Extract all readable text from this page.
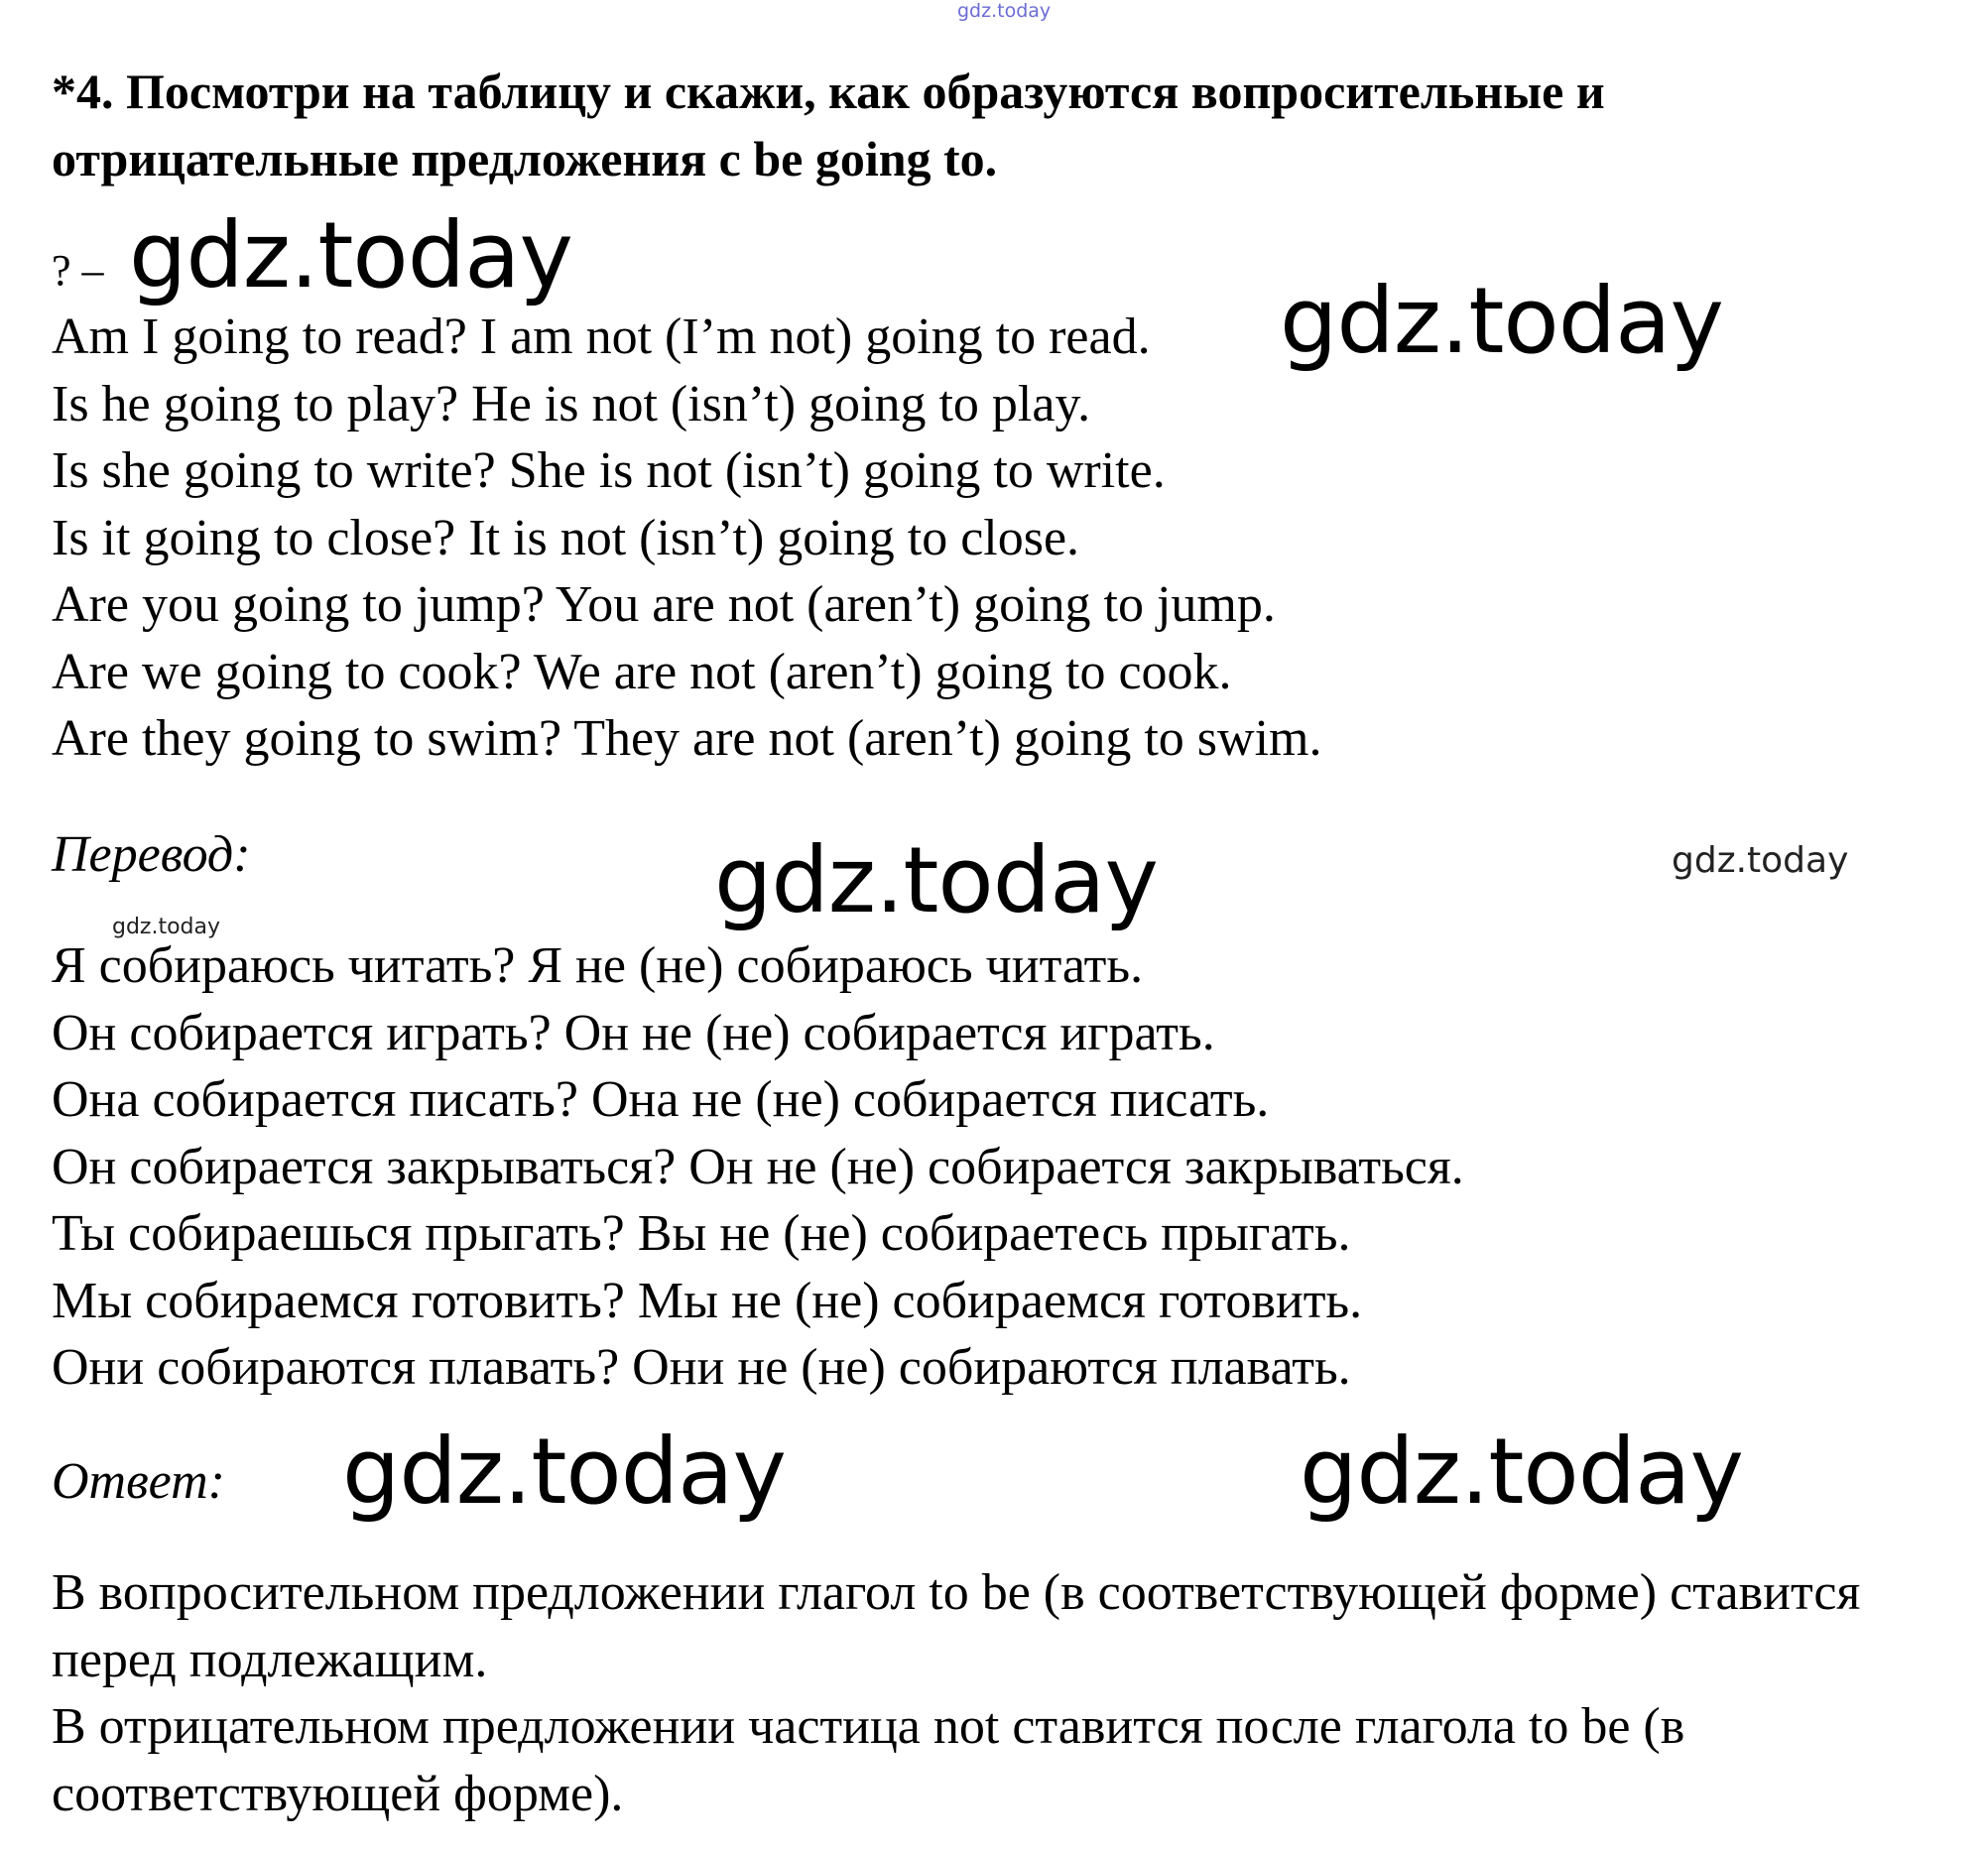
gdz.today
*4. Посмотри на таблицу и скажи, как образуются вопросительные и отрицательные предложения с be going to.
? – gdz.today
gdz.today
Am I going to read? I am not (I’m not) going to read.
Is he going to play? He is not (isn’t) going to play.
Is she going to write? She is not (isn’t) going to write.
Is it going to close? It is not (isn’t) going to close.
Are you going to jump? You are not (aren’t) going to jump.
Are we going to cook? We are not (aren’t) going to cook.
Are they going to swim? They are not (aren’t) going to swim.
Перевод:	gdz.today	gdz.today
gdz.today
Я собираюсь читать? Я не (не) собираюсь читать.
Он собирается играть? Он не (не) собирается играть.
Она собирается писать? Она не (не) собирается писать.
Он собирается закрываться? Он не (не) собирается закрываться.
Ты собираешься прыгать? Вы не (не) собираетесь прыгать.
Мы собираемся готовить? Мы не (не) собираемся готовить.
Они собираются плавать? Они не (не) собираются плавать.
Ответ: gdz.today	gdz.today

В вопросительном предложении глагол to be (в соответствующей форме) ставится перед подлежащим.

В отрицательном предложении частица not ставится после глагола to be (в соответствующей форме).
